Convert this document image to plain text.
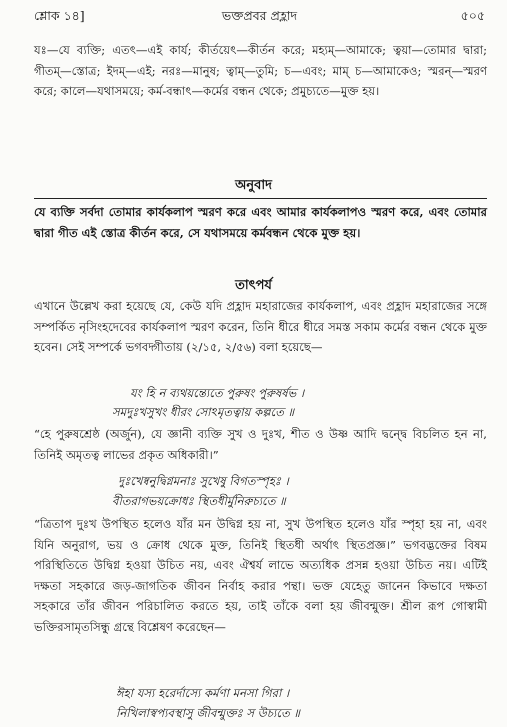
শ্লোক ১৪]	ভক্তপ্রবর প্রহ্লাদ	৫০৫
যঃ—যে ব্যক্তি; এতৎ—এই কার্য; কীর্তয়েৎ—কীর্তন করে; মহ্যম্—আমাকে; ত্বয়া—তোমার দ্বারা; গীতম্—স্তোত্র; ইদম্—এই; নরঃ—মানুষ; ত্বাম্—তুমি; চ—এবং; মাম্ চ—আমাকেও; স্মরন্—স্মরণ করে; কালে—যথাসময়ে; কর্ম-বন্ধাৎ—কর্মের বন্ধন থেকে; প্রমুচ্যতে—মুক্ত হয়।
অনুবাদ
যে ব্যক্তি সর্বদা তোমার কার্যকলাপ স্মরণ করে এবং আমার কার্যকলাপও স্মরণ করে, এবং তোমার দ্বারা গীত এই স্তোত্র কীর্তন করে, সে যথাসময়ে কর্মবন্ধন থেকে মুক্ত হয়।
তাৎপর্য
এখানে উল্লেখ করা হয়েছে যে, কেউ যদি প্রহ্লাদ মহারাজের কার্যকলাপ, এবং প্রহ্লাদ মহারাজের সঙ্গে সম্পর্কিত নৃসিংহদেবের কার্যকলাপ স্মরণ করেন, তিনি ধীরে ধীরে সমস্ত সকাম কর্মের বন্ধন থেকে মুক্ত হবেন। সেই সম্পর্কে ভগবদ্গীতায় (২/১৫, ২/৫৬) বলা হয়েছে—
যং হি ন ব্যথয়ন্ত্যেতে পুরুষং পুরুষর্ষভ ।
সমদুঃখসুখং ধীরং সোঽমৃতত্বায় কল্পতে ॥
“হে পুরুষশ্রেষ্ঠ (অর্জুন), যে জ্ঞানী ব্যক্তি সুখ ও দুঃখ, শীত ও উষ্ণ আদি দ্বন্দ্বে বিচলিত হন না, তিনিই অমৃতত্ব লাভের প্রকৃত অধিকারী।”
দুঃখেষ্বনুদ্বিগ্নমনাঃ সুখেষু বিগতস্পৃহঃ ।
বীতরাগভয়ক্রোধঃ স্থিতধীর্মুনিরুচ্যতে ॥
“ত্রিতাপ দুঃখ উপস্থিত হলেও যাঁর মন উদ্বিগ্ন হয় না, সুখ উপস্থিত হলেও যাঁর স্পৃহা হয় না, এবং যিনি অনুরাগ, ভয় ও ক্রোধ থেকে মুক্ত, তিনিই স্থিতধী অর্থাৎ স্থিতপ্রজ্ঞ।” ভগবদ্ভক্তের বিষম পরিস্থিতিতে উদ্বিগ্ন হওয়া উচিত নয়, এবং ঐশ্বর্য লাভে অত্যধিক প্রসন্ন হওয়া উচিত নয়। এটিই দক্ষতা সহকারে জড়-জাগতিক জীবন নির্বাহ করার পন্থা। ভক্ত যেহেতু জানেন কিভাবে দক্ষতা সহকারে তাঁর জীবন পরিচালিত করতে হয়, তাই তাঁকে বলা হয় জীবন্মুক্ত। শ্রীল রূপ গোস্বামী ভক্তিরসামৃতসিন্ধু গ্রন্থে বিশ্লেষণ করেছেন—
ঈহা যস্য হরের্দাস্যে কর্মণা মনসা গিরা ।
নিখিলাস্বপ্যবস্থাসু জীবন্মুক্তঃ স উচ্যতে ॥
